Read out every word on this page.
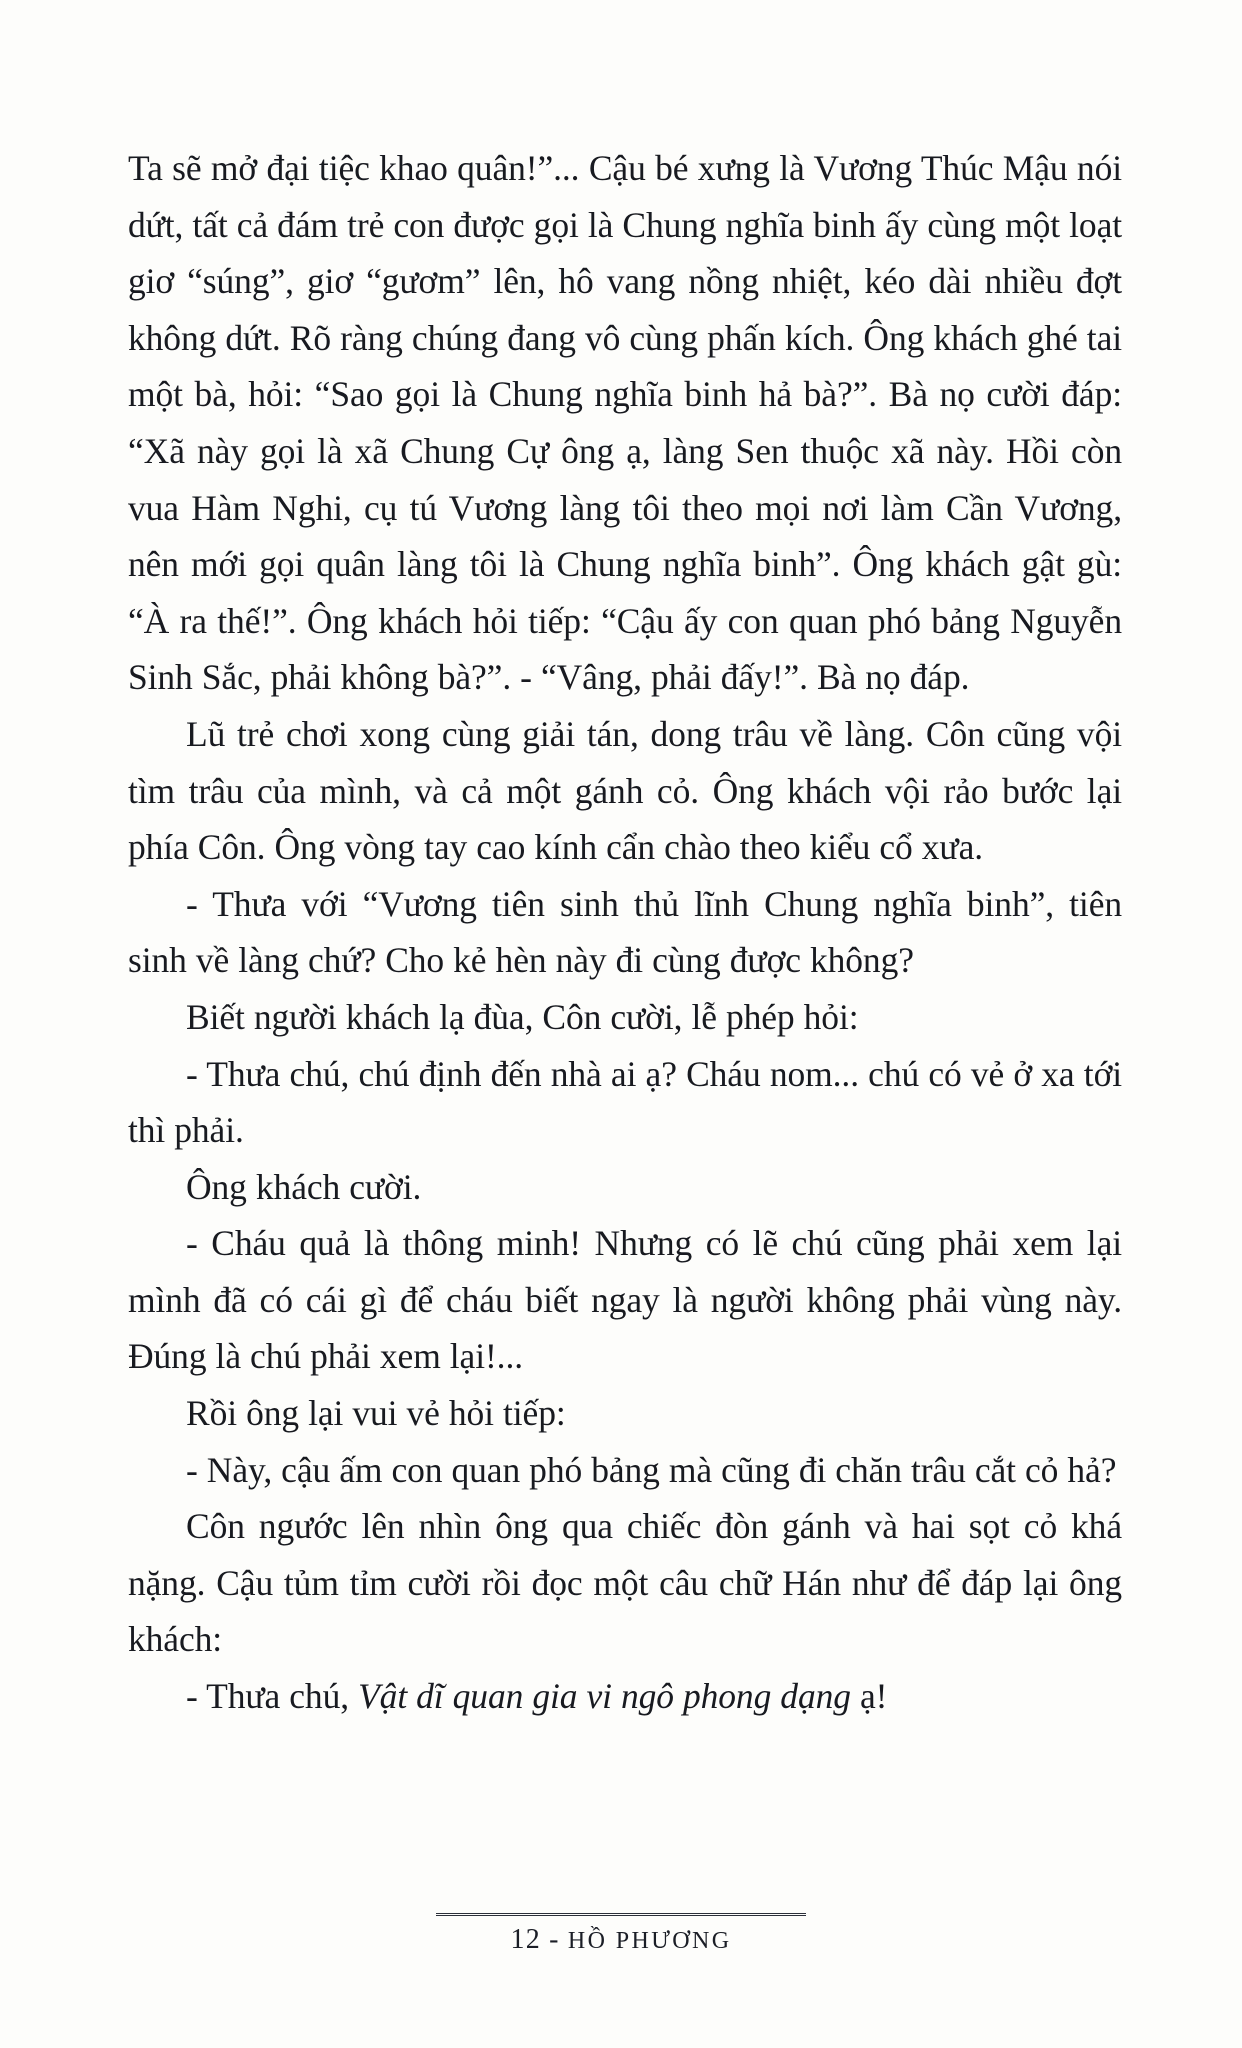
Ta sẽ mở đại tiệc khao quân!”... Cậu bé xưng là Vương Thúc Mậu nói dứt, tất cả đám trẻ con được gọi là Chung nghĩa binh ấy cùng một loạt giơ “súng”, giơ “gươm” lên, hô vang nồng nhiệt, kéo dài nhiều đợt không dứt. Rõ ràng chúng đang vô cùng phấn kích. Ông khách ghé tai một bà, hỏi: “Sao gọi là Chung nghĩa binh hả bà?”. Bà nọ cười đáp: “Xã này gọi là xã Chung Cự ông ạ, làng Sen thuộc xã này. Hồi còn vua Hàm Nghi, cụ tú Vương làng tôi theo mọi nơi làm Cần Vương, nên mới gọi quân làng tôi là Chung nghĩa binh”. Ông khách gật gù: “À ra thế!”. Ông khách hỏi tiếp: “Cậu ấy con quan phó bảng Nguyễn Sinh Sắc, phải không bà?”. - “Vâng, phải đấy!”. Bà nọ đáp.

Lũ trẻ chơi xong cùng giải tán, dong trâu về làng. Côn cũng vội tìm trâu của mình, và cả một gánh cỏ. Ông khách vội rảo bước lại phía Côn. Ông vòng tay cao kính cẩn chào theo kiểu cổ xưa.

- Thưa với “Vương tiên sinh thủ lĩnh Chung nghĩa binh”, tiên sinh về làng chứ? Cho kẻ hèn này đi cùng được không?

Biết người khách lạ đùa, Côn cười, lễ phép hỏi:

- Thưa chú, chú định đến nhà ai ạ? Cháu nom... chú có vẻ ở xa tới thì phải.

Ông khách cười.

- Cháu quả là thông minh! Nhưng có lẽ chú cũng phải xem lại mình đã có cái gì để cháu biết ngay là người không phải vùng này. Đúng là chú phải xem lại!...

Rồi ông lại vui vẻ hỏi tiếp:

- Này, cậu ấm con quan phó bảng mà cũng đi chăn trâu cắt cỏ hả?

Côn ngước lên nhìn ông qua chiếc đòn gánh và hai sọt cỏ khá nặng. Cậu tủm tỉm cười rồi đọc một câu chữ Hán như để đáp lại ông khách:

- Thưa chú, Vật dĩ quan gia vi ngô phong dạng ạ!

12 - HỒ PHƯƠNG
